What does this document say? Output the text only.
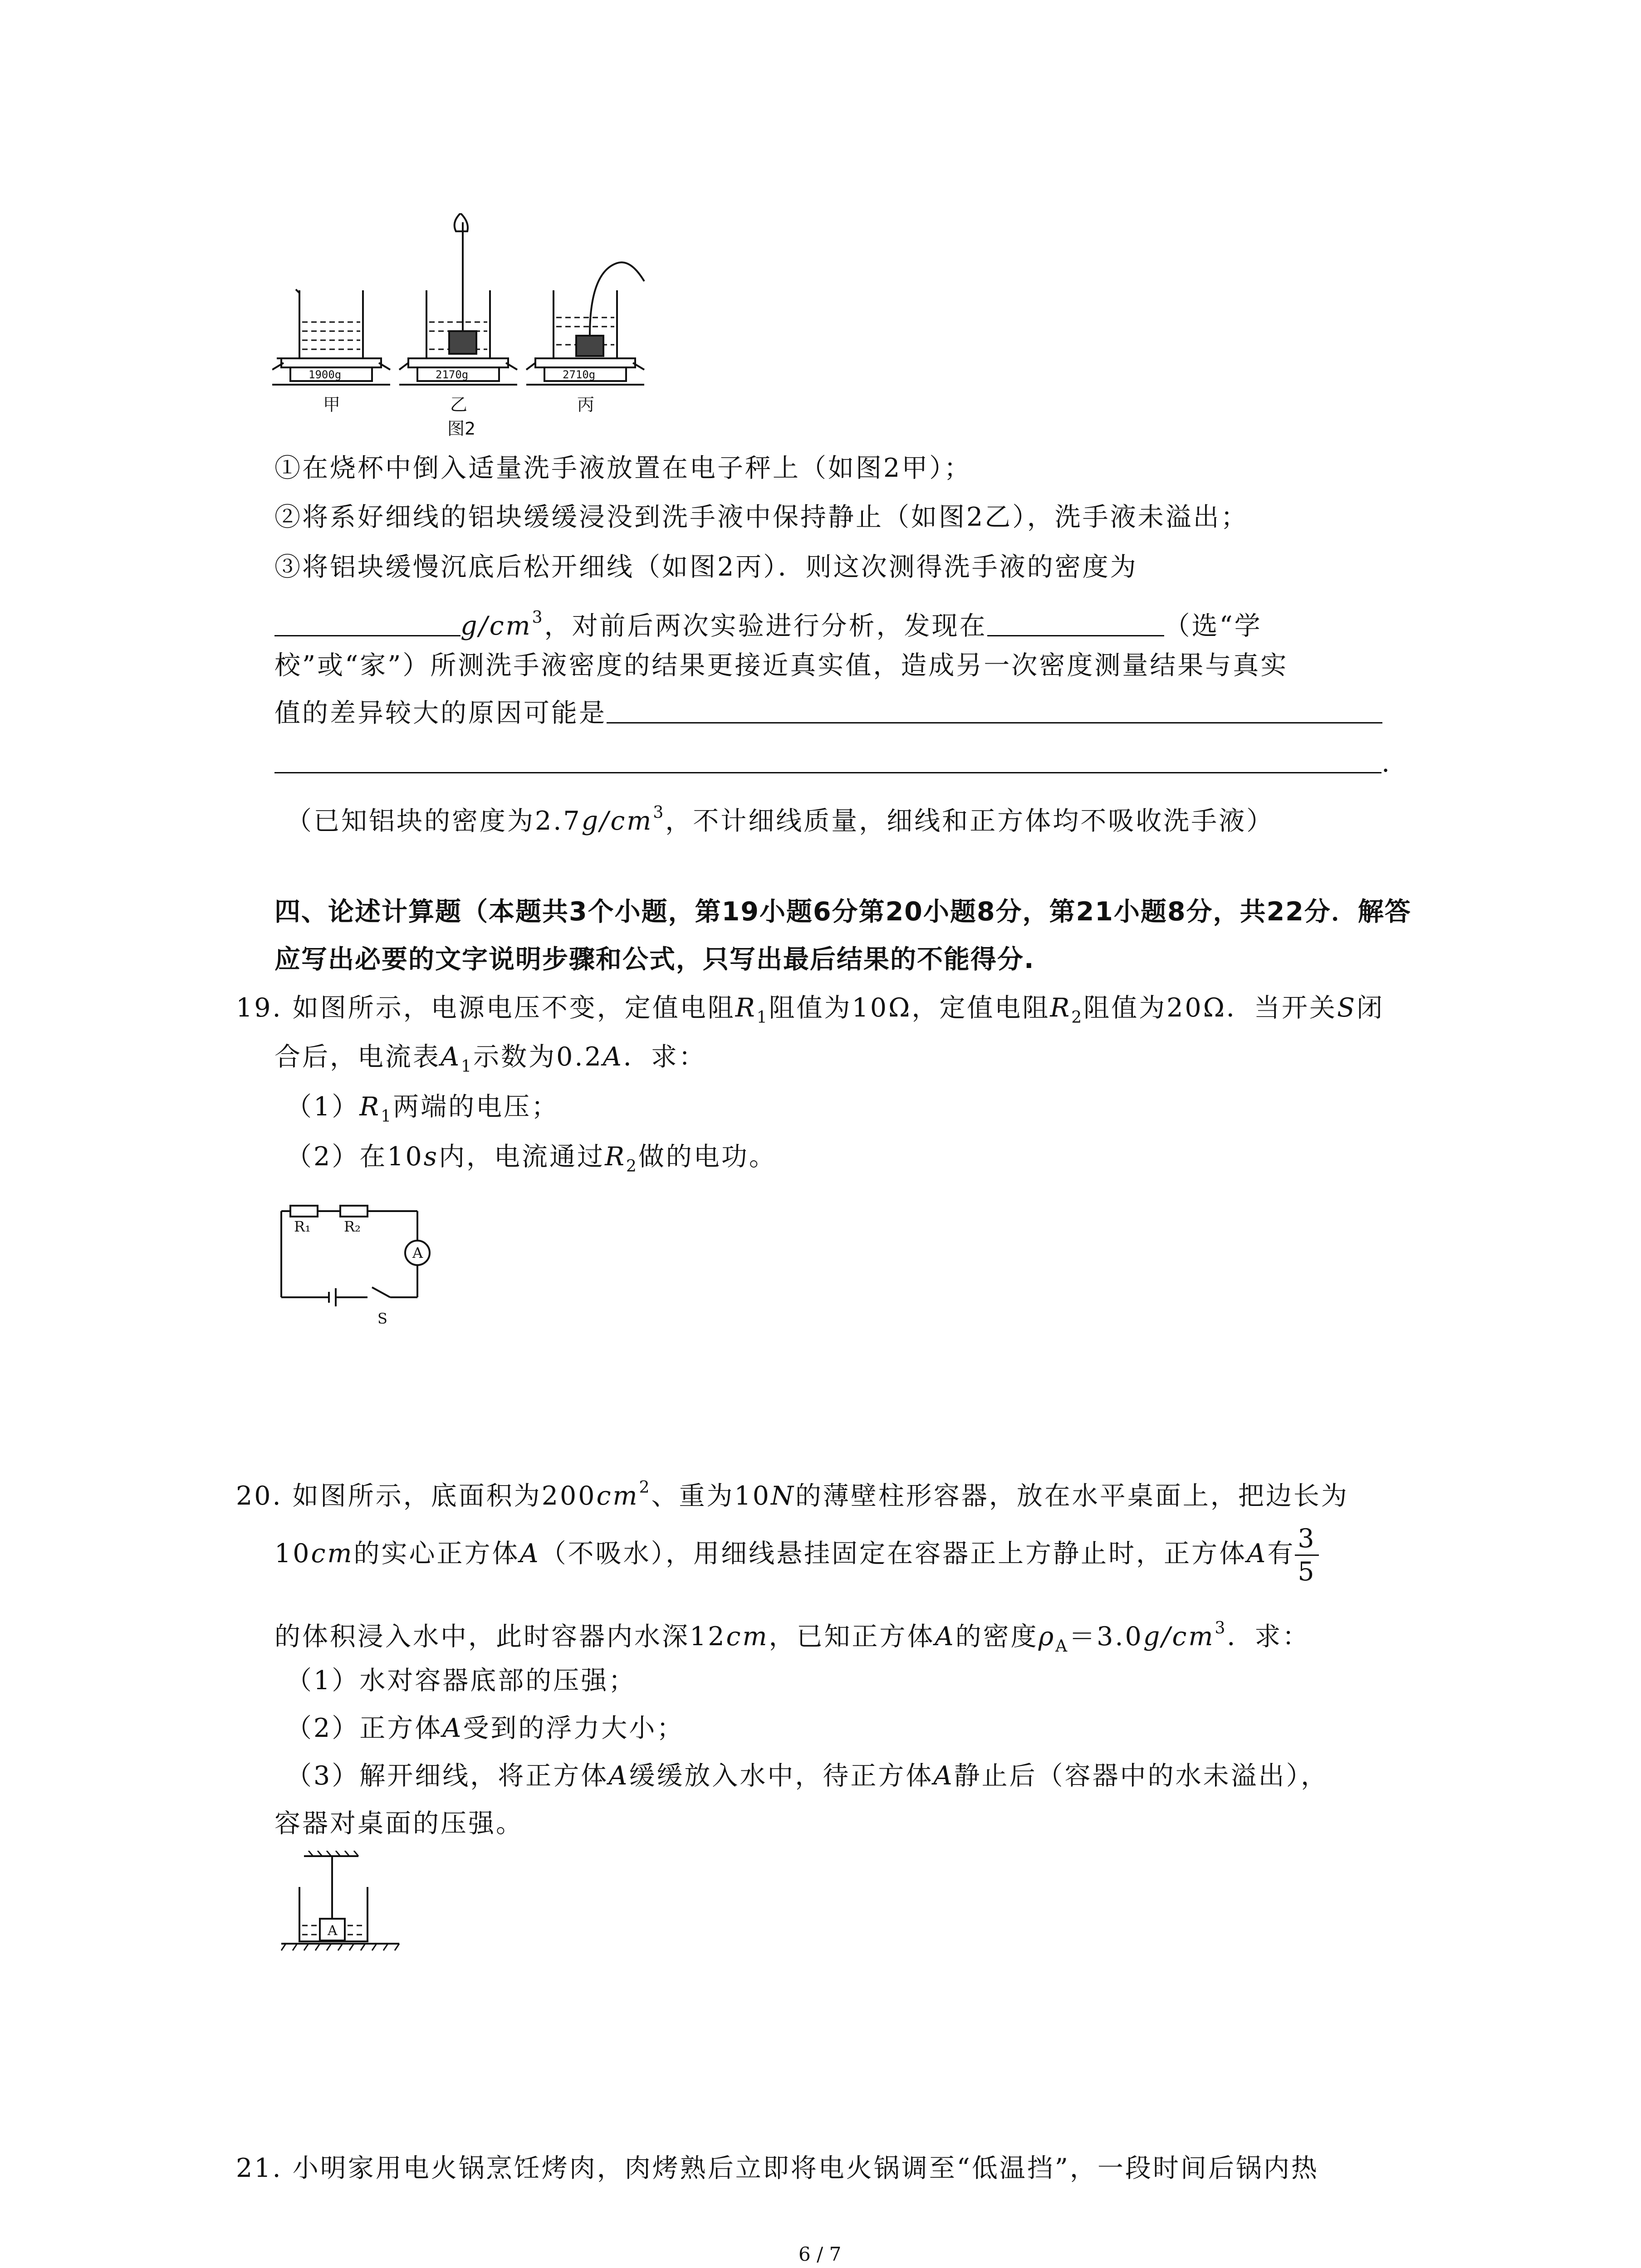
1900g	2170g	2710g
甲	乙	丙
图2
①在烧杯中倒入适量洗手液放置在电子秤上（如图2甲）；
②将系好细线的铝块缓缓浸没到洗手液中保持静止（如图2乙），洗手液未溢出；
③将铝块缓慢沉底后松开细线（如图2丙）．则这次测得洗手液的密度为
$g/cm^3$，对前后两次实验进行分析，发现在	（选“学
校”或“家”）所测洗手液密度的结果更接近真实值，造成另一次密度测量结果与真实
值的差异较大的原因可能是
.
（已知铝块的密度为$2.7g/cm^3$，不计细线质量，细线和正方体均不吸收洗手液）
四、论述计算题（本题共3个小题，第19小题6分第20小题8分，第21小题8分，共22分．解答
应写出必要的文字说明步骤和公式，只写出最后结果的不能得分.
19. 如图所示，电源电压不变，定值电阻$R_1$阻值为10Ω，定值电阻$R_2$阻值为20Ω．当开关S闭
合后，电流表$A_1$示数为0.2A．求：
$(1)R_1$两端的电压；
（2）在10s内，电流通过$R_2$做的电功。
R₁ R₂
A
S
20. 如图所示，底面积为$200cm^2$、重为10N的薄壁柱形容器，放在水平桌面上，把边长为
10cm的实心正方体A（不吸水），用细线悬挂固定在容器正上方静止时，正方体A有 $\frac{3}{5}$
的体积浸入水中，此时容器内水深12cm，已知正方体A的密度$\rho_A=3.0g/cm^3$．求：
（1）水对容器底部的压强；
（2）正方体A受到的浮力大小；
（3）解开细线，将正方体A缓缓放入水中，待正方体A静止后（容器中的水未溢出），
容器对桌面的压强。
A
21. 小明家用电火锅烹饪烤肉，肉烤熟后立即将电火锅调至“低温挡”，一段时间后锅内热
6 / 7
